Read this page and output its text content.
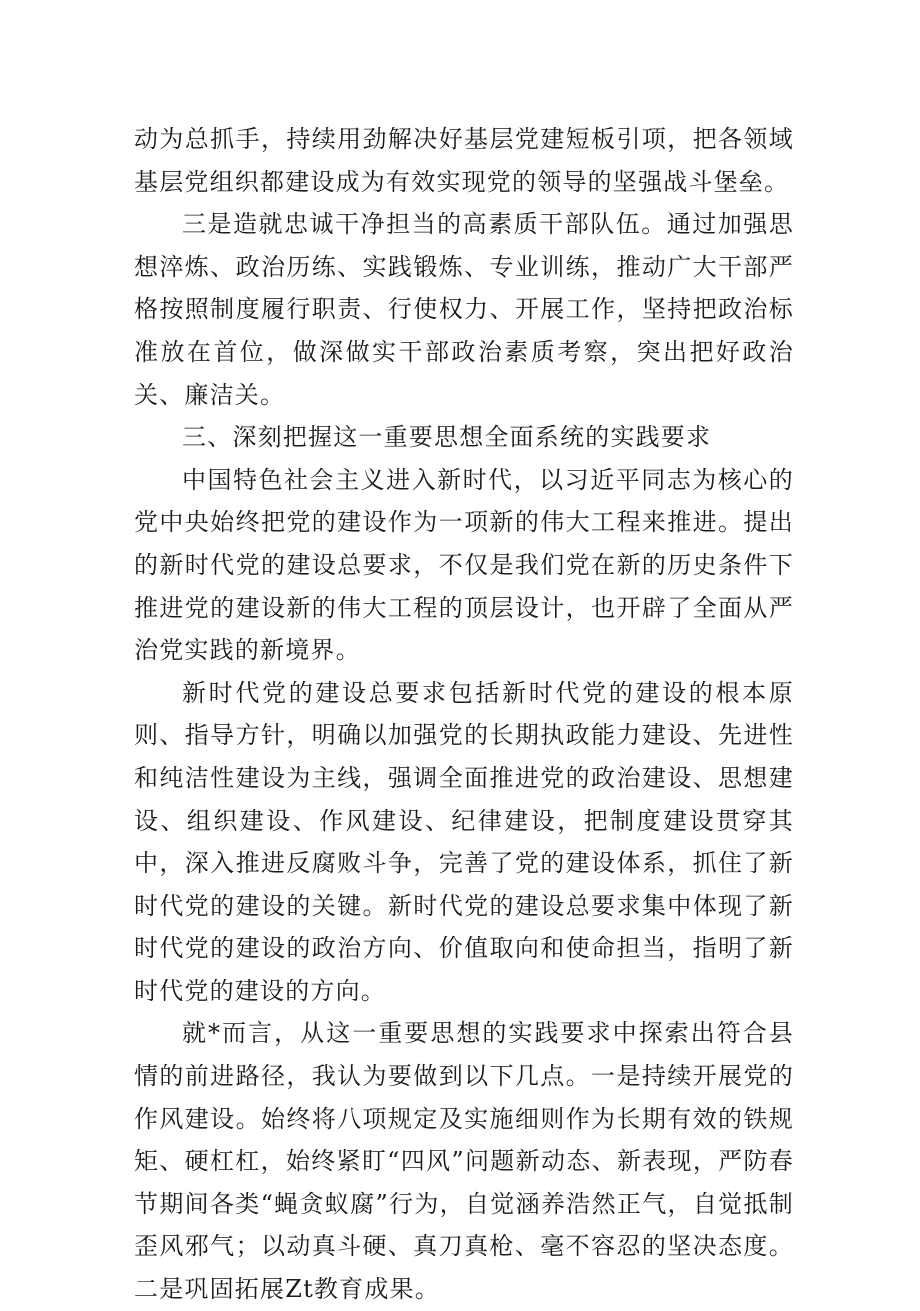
动为总抓手，持续用劲解决好基层党建短板引项，把各领域基层党组织都建设成为有效实现党的领导的坚强战斗堡垒。

三是造就忠诚干净担当的高素质干部队伍。通过加强思想淬炼、政治历练、实践锻炼、专业训练，推动广大干部严格按照制度履行职责、行使权力、开展工作，坚持把政治标准放在首位，做深做实干部政治素质考察，突出把好政治关、廉洁关。

三、深刻把握这一重要思想全面系统的实践要求

中国特色社会主义进入新时代，以习近平同志为核心的党中央始终把党的建设作为一项新的伟大工程来推进。提出的新时代党的建设总要求，不仅是我们党在新的历史条件下推进党的建设新的伟大工程的顶层设计，也开辟了全面从严治党实践的新境界。

新时代党的建设总要求包括新时代党的建设的根本原则、指导方针，明确以加强党的长期执政能力建设、先进性和纯洁性建设为主线，强调全面推进党的政治建设、思想建设、组织建设、作风建设、纪律建设，把制度建设贯穿其中，深入推进反腐败斗争，完善了党的建设体系，抓住了新时代党的建设的关键。新时代党的建设总要求集中体现了新时代党的建设的政治方向、价值取向和使命担当，指明了新时代党的建设的方向。

就*而言，从这一重要思想的实践要求中探索出符合县情的前进路径，我认为要做到以下几点。一是持续开展党的作风建设。始终将八项规定及实施细则作为长期有效的铁规矩、硬杠杠，始终紧盯“四风”问题新动态、新表现，严防春节期间各类“蝇贪蚁腐”行为，自觉涵养浩然正气，自觉抵制歪风邪气；以动真斗硬、真刀真枪、毫不容忍的坚决态度。二是巩固拓展Zt教育成果。
